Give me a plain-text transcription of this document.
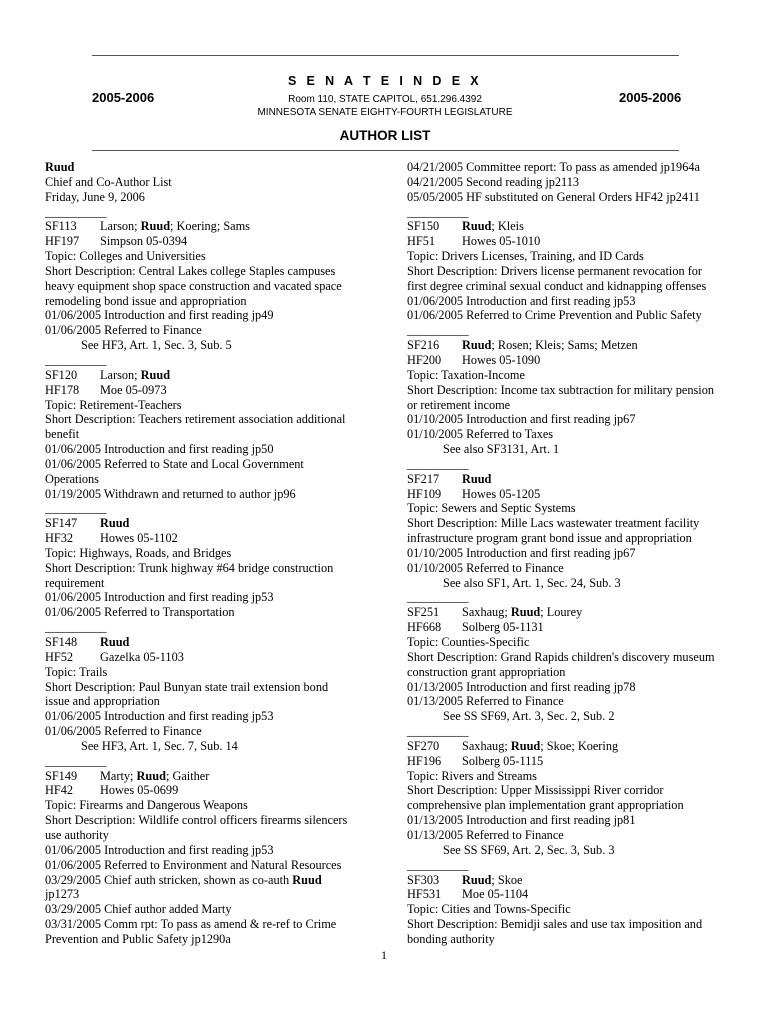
S E N A T E I N D E X
2005-2006	2005-2006
Room 110, STATE CAPITOL, 651.296.4392
MINNESOTA SENATE EIGHTY-FOURTH LEGISLATURE
AUTHOR LIST
Ruud
Chief and Co-Author List
Friday, June 9, 2006
__________
SF113 Larson; Ruud; Koering; Sams
HF197 Simpson 05-0394
Topic: Colleges and Universities
Short Description: Central Lakes college Staples campuses
heavy equipment shop space construction and vacated space
remodeling bond issue and appropriation
01/06/2005 Introduction and first reading jp49
01/06/2005 Referred to Finance
See HF3, Art. 1, Sec. 3, Sub. 5
__________
SF120 Larson; Ruud
HF178 Moe 05-0973
Topic: Retirement-Teachers
Short Description: Teachers retirement association additional
benefit
01/06/2005 Introduction and first reading jp50
01/06/2005 Referred to State and Local Government
Operations
01/19/2005 Withdrawn and returned to author jp96
__________
SF147 Ruud
HF32 Howes 05-1102
Topic: Highways, Roads, and Bridges
Short Description: Trunk highway #64 bridge construction
requirement
01/06/2005 Introduction and first reading jp53
01/06/2005 Referred to Transportation
__________
SF148 Ruud
HF52 Gazelka 05-1103
Topic: Trails
Short Description: Paul Bunyan state trail extension bond
issue and appropriation
01/06/2005 Introduction and first reading jp53
01/06/2005 Referred to Finance
See HF3, Art. 1, Sec. 7, Sub. 14
__________
SF149 Marty; Ruud; Gaither
HF42 Howes 05-0699
Topic: Firearms and Dangerous Weapons
Short Description: Wildlife control officers firearms silencers
use authority
01/06/2005 Introduction and first reading jp53
01/06/2005 Referred to Environment and Natural Resources
03/29/2005 Chief auth stricken, shown as co-auth Ruud
jp1273
03/29/2005 Chief author added Marty
03/31/2005 Comm rpt: To pass as amend & re-ref to Crime
Prevention and Public Safety jp1290a
04/21/2005 Committee report: To pass as amended jp1964a
04/21/2005 Second reading jp2113
05/05/2005 HF substituted on General Orders HF42 jp2411
__________
SF150 Ruud; Kleis
HF51 Howes 05-1010
Topic: Drivers Licenses, Training, and ID Cards
Short Description: Drivers license permanent revocation for
first degree criminal sexual conduct and kidnapping offenses
01/06/2005 Introduction and first reading jp53
01/06/2005 Referred to Crime Prevention and Public Safety
__________
SF216 Ruud; Rosen; Kleis; Sams; Metzen
HF200 Howes 05-1090
Topic: Taxation-Income
Short Description: Income tax subtraction for military pension
or retirement income
01/10/2005 Introduction and first reading jp67
01/10/2005 Referred to Taxes
See also SF3131, Art. 1
__________
SF217 Ruud
HF109 Howes 05-1205
Topic: Sewers and Septic Systems
Short Description: Mille Lacs wastewater treatment facility
infrastructure program grant bond issue and appropriation
01/10/2005 Introduction and first reading jp67
01/10/2005 Referred to Finance
See also SF1, Art. 1, Sec. 24, Sub. 3
__________
SF251 Saxhaug; Ruud; Lourey
HF668 Solberg 05-1131
Topic: Counties-Specific
Short Description: Grand Rapids children's discovery museum
construction grant appropriation
01/13/2005 Introduction and first reading jp78
01/13/2005 Referred to Finance
See SS SF69, Art. 3, Sec. 2, Sub. 2
__________
SF270 Saxhaug; Ruud; Skoe; Koering
HF196 Solberg 05-1115
Topic: Rivers and Streams
Short Description: Upper Mississippi River corridor
comprehensive plan implementation grant appropriation
01/13/2005 Introduction and first reading jp81
01/13/2005 Referred to Finance
See SS SF69, Art. 2, Sec. 3, Sub. 3
__________
SF303 Ruud; Skoe
HF531 Moe 05-1104
Topic: Cities and Towns-Specific
Short Description: Bemidji sales and use tax imposition and
bonding authority
1
